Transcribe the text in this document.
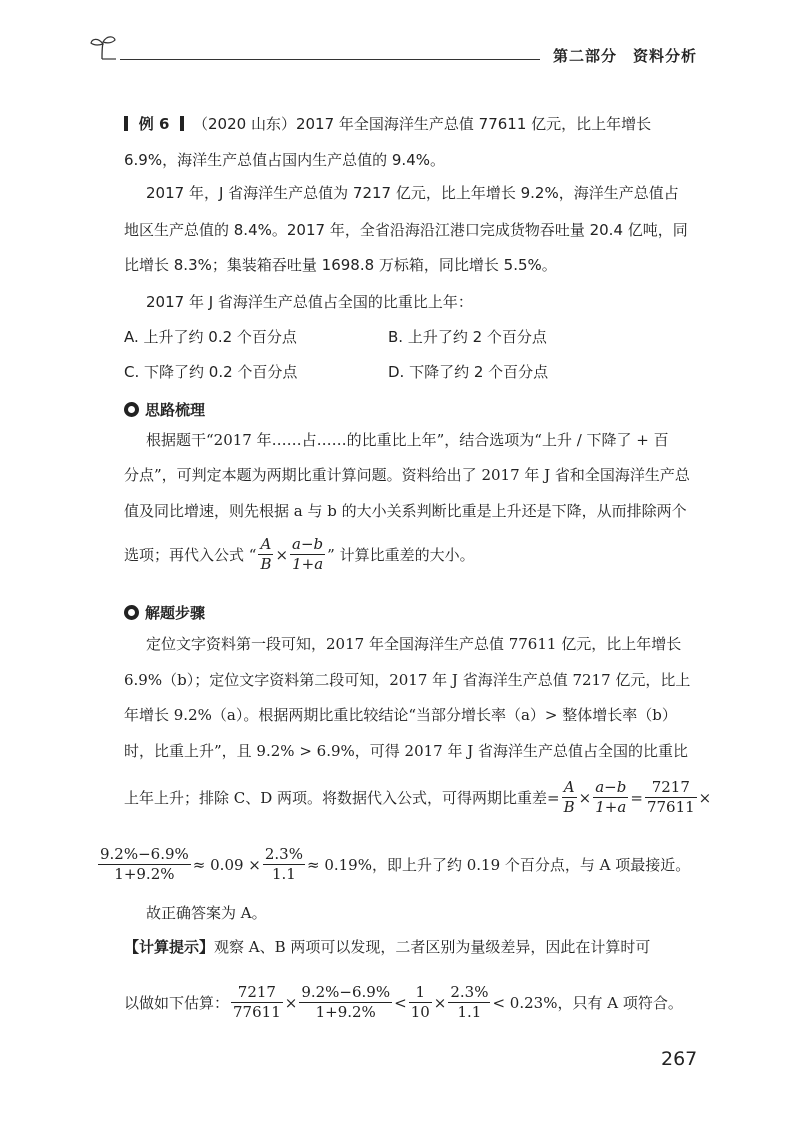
第二部分　资料分析
例 6 （2020 山东）2017 年全国海洋生产总值 77611 亿元，比上年增长
6.9%，海洋生产总值占国内生产总值的 9.4%。
2017 年，J 省海洋生产总值为 7217 亿元，比上年增长 9.2%，海洋生产总值占
地区生产总值的 8.4%。2017 年，全省沿海沿江港口完成货物吞吐量 20.4 亿吨，同
比增长 8.3%；集装箱吞吐量 1698.8 万标箱，同比增长 5.5%。
2017 年 J 省海洋生产总值占全国的比重比上年：
A. 上升了约 0.2 个百分点	B. 上升了约 2 个百分点
C. 下降了约 0.2 个百分点	D. 下降了约 2 个百分点
思路梳理
根据题干“2017 年……占……的比重比上年”，结合选项为“上升 / 下降了 + 百
分点”，可判定本题为两期比重计算问题。资料给出了 2017 年 J 省和全国海洋生产总
值及同比增速，则先根据 a 与 b 的大小关系判断比重是上升还是下降，从而排除两个
选项；再代入公式 “ $\frac{A}{B} \times \frac{a-b}{1+a}$ ” 计算比重差的大小。
解题步骤
定位文字资料第一段可知，2017 年全国海洋生产总值 77611 亿元，比上年增长
6.9%（b）；定位文字资料第二段可知，2017 年 J 省海洋生产总值 7217 亿元，比上
年增长 9.2%（a）。根据两期比重比较结论“当部分增长率（a）> 整体增长率（b）
时，比重上升”，且 9.2% > 6.9%，可得 2017 年 J 省海洋生产总值占全国的比重比
上年上升；排除 C、D 两项。将数据代入公式，可得两期比重差= $\frac{A}{B} \times \frac{a-b}{1+a} = \frac{7217}{77611}$ ×
$\frac{9.2\%-6.9\%}{1+9.2\%} \approx 0.09 \times \frac{2.3\%}{1.1} \approx 0.19\%$，即上升了约 0.19 个百分点，与 A 项最接近。
故正确答案为 A。
【计算提示】观察 A、B 两项可以发现，二者区别为量级差异，因此在计算时可
以做如下估算： $\frac{7217}{77611} \times \frac{9.2\%-6.9\%}{1+9.2\%} < \frac{1}{10} \times \frac{2.3\%}{1.1} < 0.23\%$，只有 A 项符合。
267
